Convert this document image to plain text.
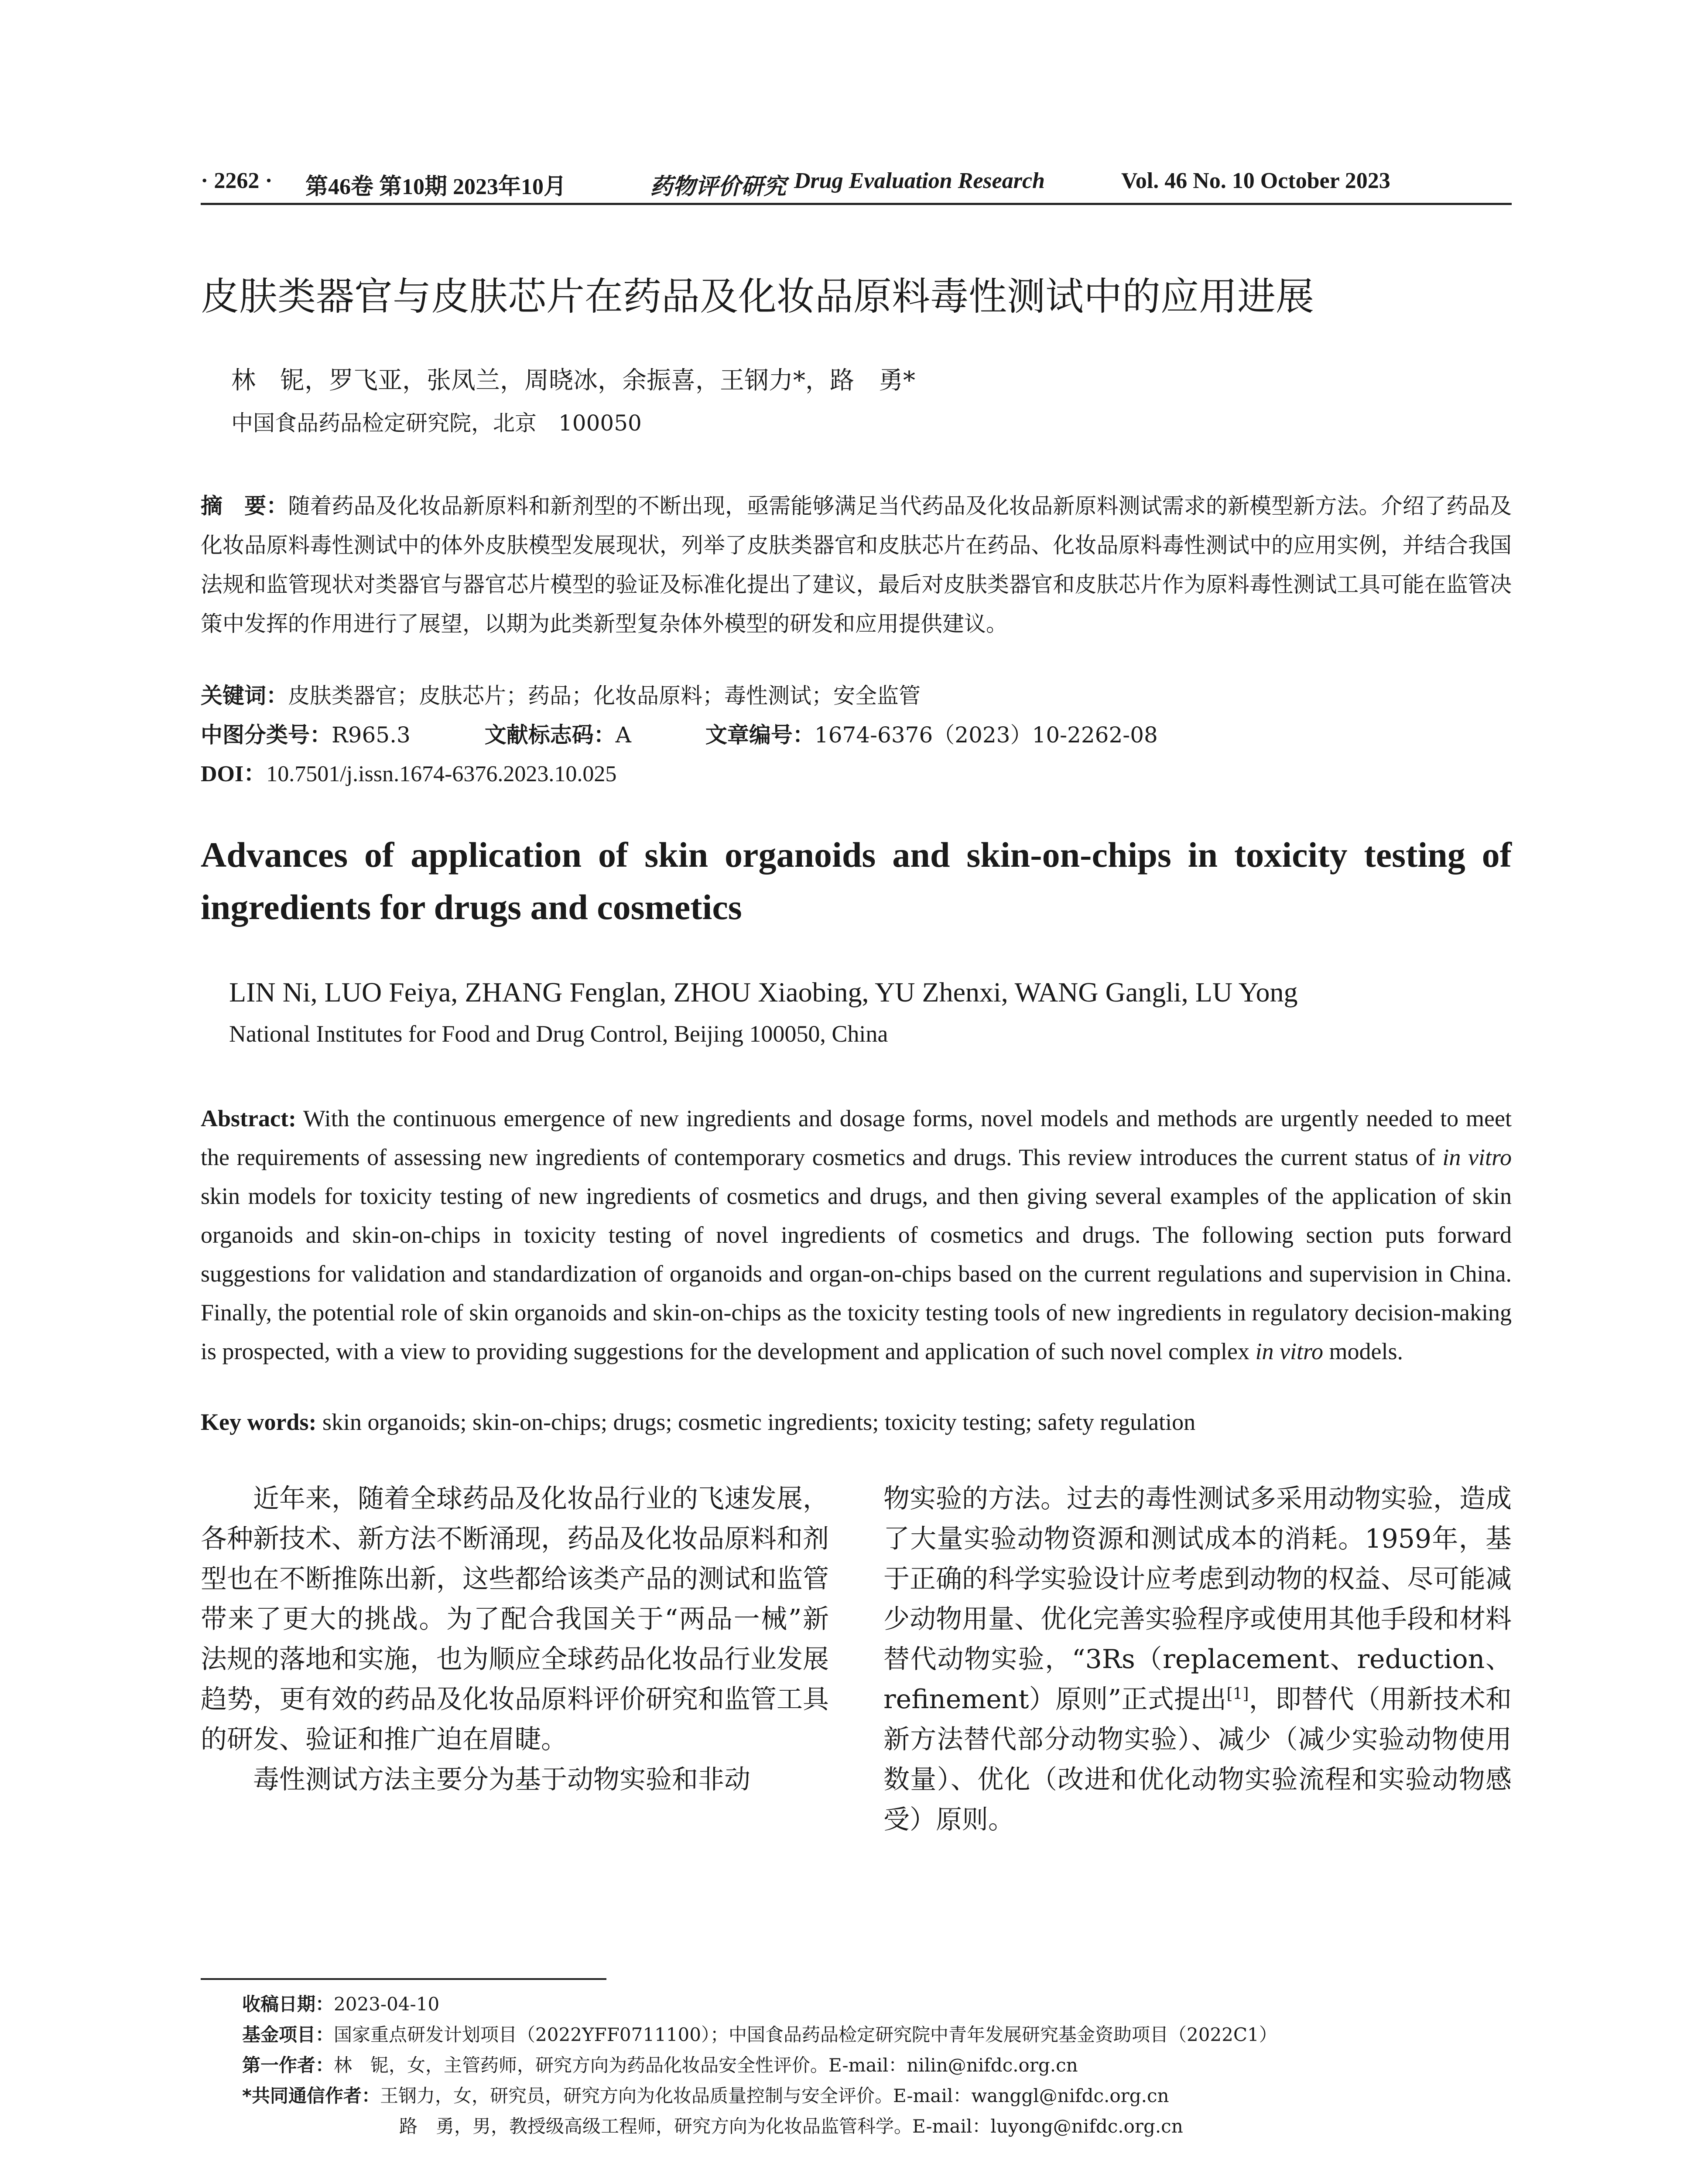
· 2262 · 第46卷 第10期 2023年10月	药物评价研究 Drug Evaluation Research	Vol. 46 No. 10 October 2023
皮肤类器官与皮肤芯片在药品及化妆品原料毒性测试中的应用进展
林　铌，罗飞亚，张凤兰，周晓冰，余振喜，王钢力*，路　勇*
中国食品药品检定研究院，北京　100050
摘　要：随着药品及化妆品新原料和新剂型的不断出现，亟需能够满足当代药品及化妆品新原料测试需求的新模型新方法。介绍了药品及化妆品原料毒性测试中的体外皮肤模型发展现状，列举了皮肤类器官和皮肤芯片在药品、化妆品原料毒性测试中的应用实例，并结合我国法规和监管现状对类器官与器官芯片模型的验证及标准化提出了建议，最后对皮肤类器官和皮肤芯片作为原料毒性测试工具可能在监管决策中发挥的作用进行了展望，以期为此类新型复杂体外模型的研发和应用提供建议。
关键词：皮肤类器官；皮肤芯片；药品；化妆品原料；毒性测试；安全监管
中图分类号：R965.3	文献标志码：A	文章编号：1674-6376（2023）10-2262-08
DOI：10.7501/j.issn.1674-6376.2023.10.025
Advances of application of skin organoids and skin-on-chips in toxicity testing of ingredients for drugs and cosmetics
LIN Ni, LUO Feiya, ZHANG Fenglan, ZHOU Xiaobing, YU Zhenxi, WANG Gangli, LU Yong
National Institutes for Food and Drug Control, Beijing 100050, China
Abstract: With the continuous emergence of new ingredients and dosage forms, novel models and methods are urgently needed to meet the requirements of assessing new ingredients of contemporary cosmetics and drugs. This review introduces the current status of in vitro skin models for toxicity testing of new ingredients of cosmetics and drugs, and then giving several examples of the application of skin organoids and skin-on-chips in toxicity testing of novel ingredients of cosmetics and drugs. The following section puts forward suggestions for validation and standardization of organoids and organ-on-chips based on the current regulations and supervision in China. Finally, the potential role of skin organoids and skin-on-chips as the toxicity testing tools of new ingredients in regulatory decision-making is prospected, with a view to providing suggestions for the development and application of such novel complex in vitro models.
Key words: skin organoids; skin-on-chips; drugs; cosmetic ingredients; toxicity testing; safety regulation

近年来，随着全球药品及化妆品行业的飞速发展，各种新技术、新方法不断涌现，药品及化妆品原料和剂型也在不断推陈出新，这些都给该类产品的测试和监管带来了更大的挑战。为了配合我国关于“两品一械”新法规的落地和实施，也为顺应全球药品化妆品行业发展趋势，更有效的药品及化妆品原料评价研究和监管工具的研发、验证和推广迫在眉睫。

毒性测试方法主要分为基于动物实验和非动

物实验的方法。过去的毒性测试多采用动物实验，造成了大量实验动物资源和测试成本的消耗。1959年，基于正确的科学实验设计应考虑到动物的权益、尽可能减少动物用量、优化完善实验程序或使用其他手段和材料替代动物实验，“3Rs（replacement、reduction、refinement）原则”正式提出[1]，即替代（用新技术和新方法替代部分动物实验）、减少（减少实验动物使用数量）、优化（改进和优化动物实验流程和实验动物感受）原则。

收稿日期：2023-04-10
基金项目：国家重点研发计划项目（2022YFF0711100）；中国食品药品检定研究院中青年发展研究基金资助项目（2022C1）
第一作者：林　铌，女，主管药师，研究方向为药品化妆品安全性评价。E-mail：nilin@nifdc.org.cn
*共同通信作者：王钢力，女，研究员，研究方向为化妆品质量控制与安全评价。E-mail：wanggl@nifdc.org.cn
路　勇，男，教授级高级工程师，研究方向为化妆品监管科学。E-mail：luyong@nifdc.org.cn
